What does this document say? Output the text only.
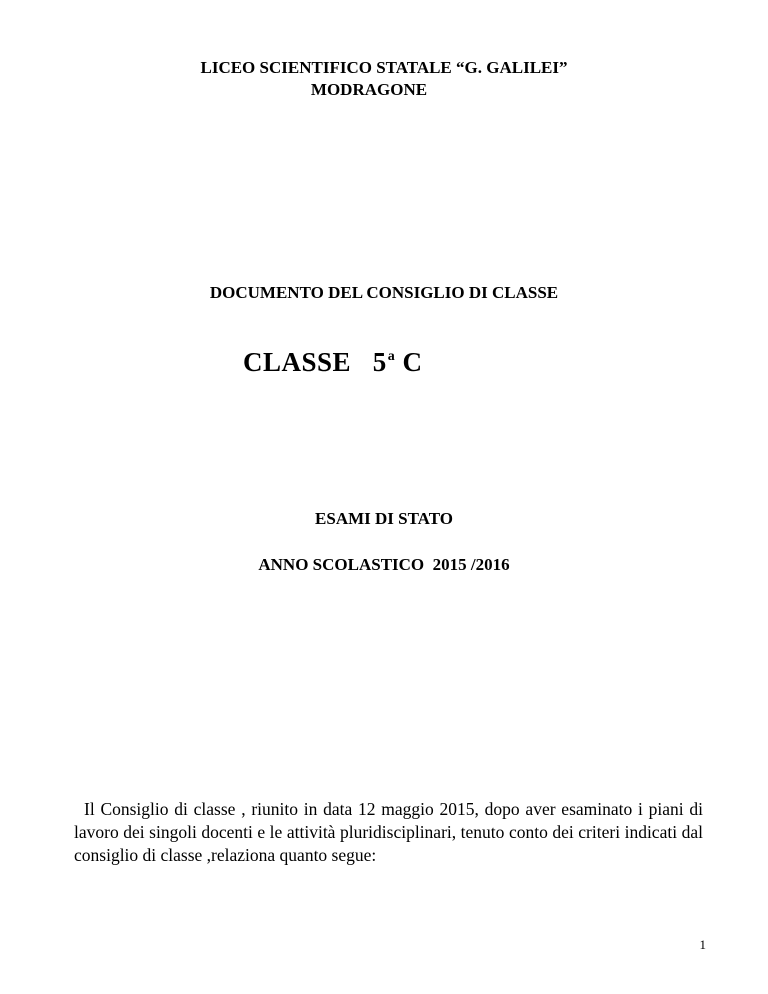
LICEO SCIENTIFICO STATALE “G. GALILEI”
MODRAGONE
DOCUMENTO DEL CONSIGLIO DI CLASSE
CLASSE   5$^a$ C
ESAMI DI STATO
ANNO SCOLASTICO  2015 /2016

Il Consiglio di classe , riunito in data 12 maggio 2015, dopo aver esaminato i piani di lavoro dei singoli docenti e le attività pluridisciplinari, tenuto conto dei criteri indicati dal consiglio di classe ,relaziona quanto segue:

1
